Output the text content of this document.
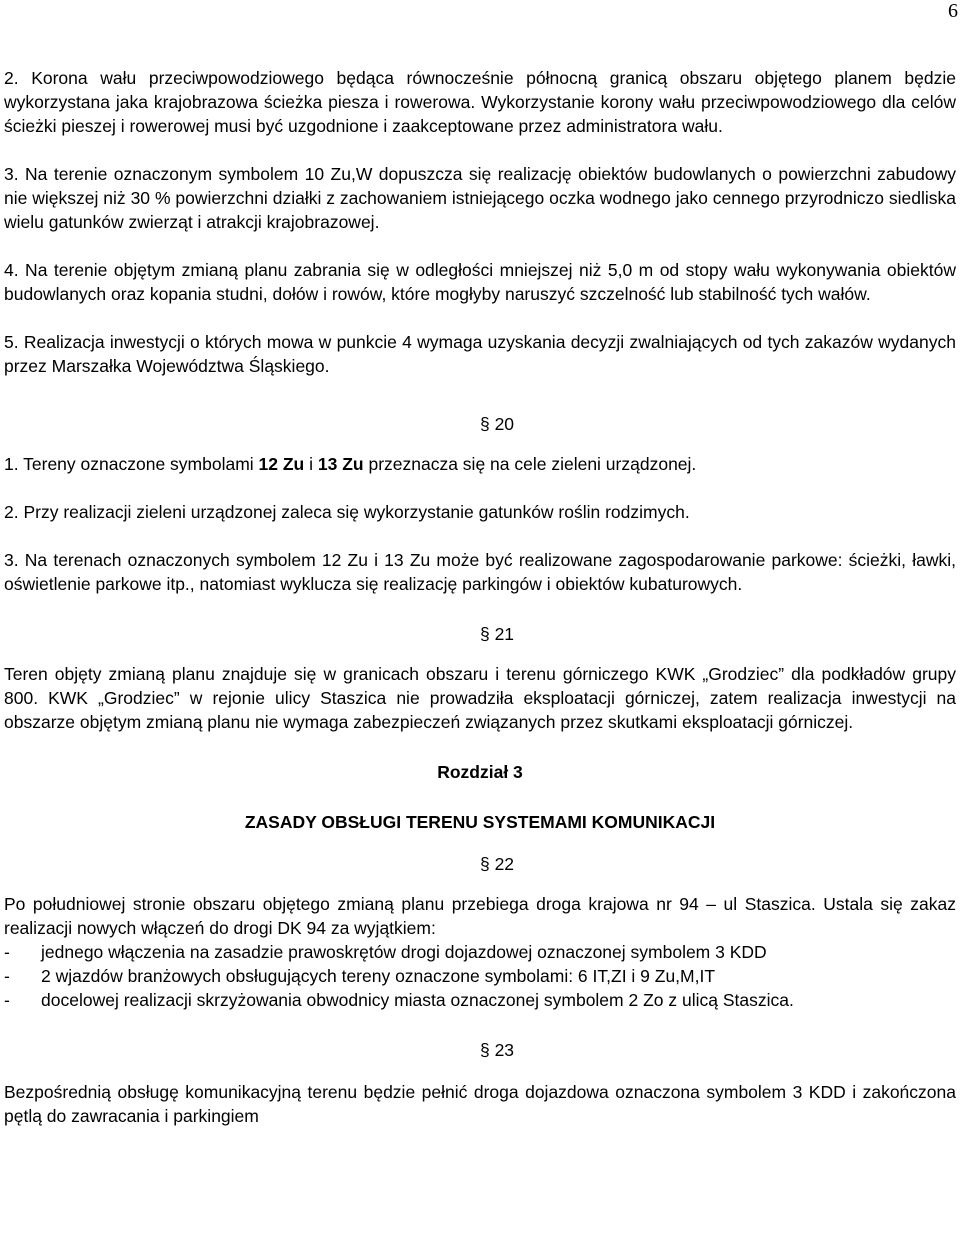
6

2. Korona wału przeciwpowodziowego będąca równocześnie północną granicą obszaru objętego planem będzie wykorzystana jaka krajobrazowa ścieżka piesza i rowerowa. Wykorzystanie korony wału przeciwpowodziowego dla celów ścieżki pieszej i rowerowej musi być uzgodnione i zaakceptowane przez administratora wału.

3. Na terenie oznaczonym symbolem 10 Zu,W dopuszcza się realizację obiektów budowlanych o powierzchni zabudowy nie większej niż 30 % powierzchni działki z zachowaniem istniejącego oczka wodnego jako cennego przyrodniczo siedliska wielu gatunków zwierząt i atrakcji krajobrazowej.

4. Na terenie objętym zmianą planu zabrania się w odległości mniejszej niż 5,0 m od stopy wału wykonywania obiektów budowlanych oraz kopania studni, dołów i rowów, które mogłyby naruszyć szczelność lub stabilność tych wałów.

5. Realizacja inwestycji o których mowa w punkcie 4 wymaga uzyskania decyzji zwalniających od tych zakazów wydanych przez Marszałka Województwa Śląskiego.

§ 20

1. Tereny oznaczone symbolami 12 Zu i 13 Zu przeznacza się na cele zieleni urządzonej.

2. Przy realizacji zieleni urządzonej zaleca się wykorzystanie gatunków roślin rodzimych.

3. Na terenach oznaczonych symbolem 12 Zu i 13 Zu może być realizowane zagospodarowanie parkowe: ścieżki, ławki, oświetlenie parkowe itp., natomiast wyklucza się realizację parkingów i obiektów kubaturowych.

§ 21

Teren objęty zmianą planu znajduje się w granicach obszaru i terenu górniczego KWK „Grodziec” dla podkładów grupy 800. KWK „Grodziec” w rejonie ulicy Staszica nie prowadziła eksploatacji górniczej, zatem realizacja inwestycji na obszarze objętym zmianą planu nie wymaga zabezpieczeń związanych przez skutkami eksploatacji górniczej.

Rozdział 3

ZASADY OBSŁUGI TERENU SYSTEMAMI KOMUNIKACJI

§ 22

Po południowej stronie obszaru objętego zmianą planu przebiega droga krajowa nr 94 – ul Staszica. Ustala się zakaz realizacji nowych włączeń do drogi DK 94 za wyjątkiem:

- jednego włączenia na zasadzie prawoskrętów drogi dojazdowej oznaczonej symbolem 3 KDD
- 2 wjazdów branżowych obsługujących tereny oznaczone symbolami: 6 IT,ZI i 9 Zu,M,IT
- docelowej realizacji skrzyżowania obwodnicy miasta oznaczonej symbolem 2 Zo z ulicą Staszica.

§ 23

Bezpośrednią obsługę komunikacyjną terenu będzie pełnić droga dojazdowa oznaczona symbolem 3 KDD i zakończona pętlą do zawracania i parkingiem
